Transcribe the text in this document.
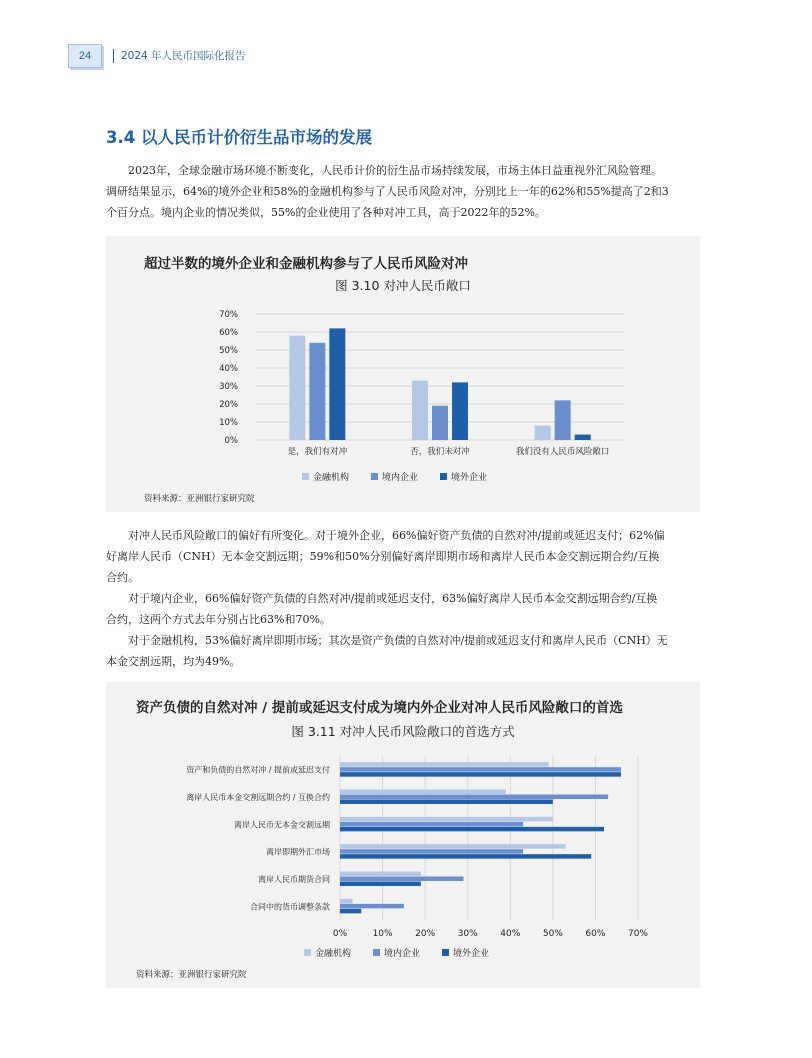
24	2024 年人民币国际化报告
3.4 以人民币计价衍生品市场的发展
2023年，全球金融市场环境不断变化，人民币计价的衍生品市场持续发展，市场主体日益重视外汇风险管理。
调研结果显示，64%的境外企业和58%的金融机构参与了人民币风险对冲，分别比上一年的62%和55%提高了2和3
个百分点。境内企业的情况类似，55%的企业使用了各种对冲工具，高于2022年的52%。
超过半数的境外企业和金融机构参与了人民币风险对冲
图 3.10 对冲人民币敞口
0%
10%
20%
30%
40%
50%
60%
70%
是，我们有对冲	否，我们未对冲	我们没有人民币风险敞口
金融机构	境内企业	境外企业
资料来源：亚洲银行家研究院
对冲人民币风险敞口的偏好有所变化。对于境外企业，66%偏好资产负债的自然对冲/提前或延迟支付；62%偏
好离岸人民币（CNH）无本金交割远期；59%和50%分别偏好离岸即期市场和离岸人民币本金交割远期合约/互换
合约。
对于境内企业，66%偏好资产负债的自然对冲/提前或延迟支付，63%偏好离岸人民币本金交割远期合约/互换
合约，这两个方式去年分别占比63%和70%。
对于金融机构，53%偏好离岸即期市场；其次是资产负债的自然对冲/提前或延迟支付和离岸人民币（CNH）无
本金交割远期，均为49%。
资产负债的自然对冲 / 提前或延迟支付成为境内外企业对冲人民币风险敞口的首选
图 3.11 对冲人民币风险敞口的首选方式
0%	10%	20%	30%	40%	50%	60%	70%
资产和负债的自然对冲 / 提前或延迟支付
离岸人民币本金交割远期合约 / 互换合约
离岸人民币无本金交割远期
离岸即期外汇市场
离岸人民币期货合同
合同中的货币调整条款
金融机构	境内企业	境外企业
资料来源：亚洲银行家研究院
